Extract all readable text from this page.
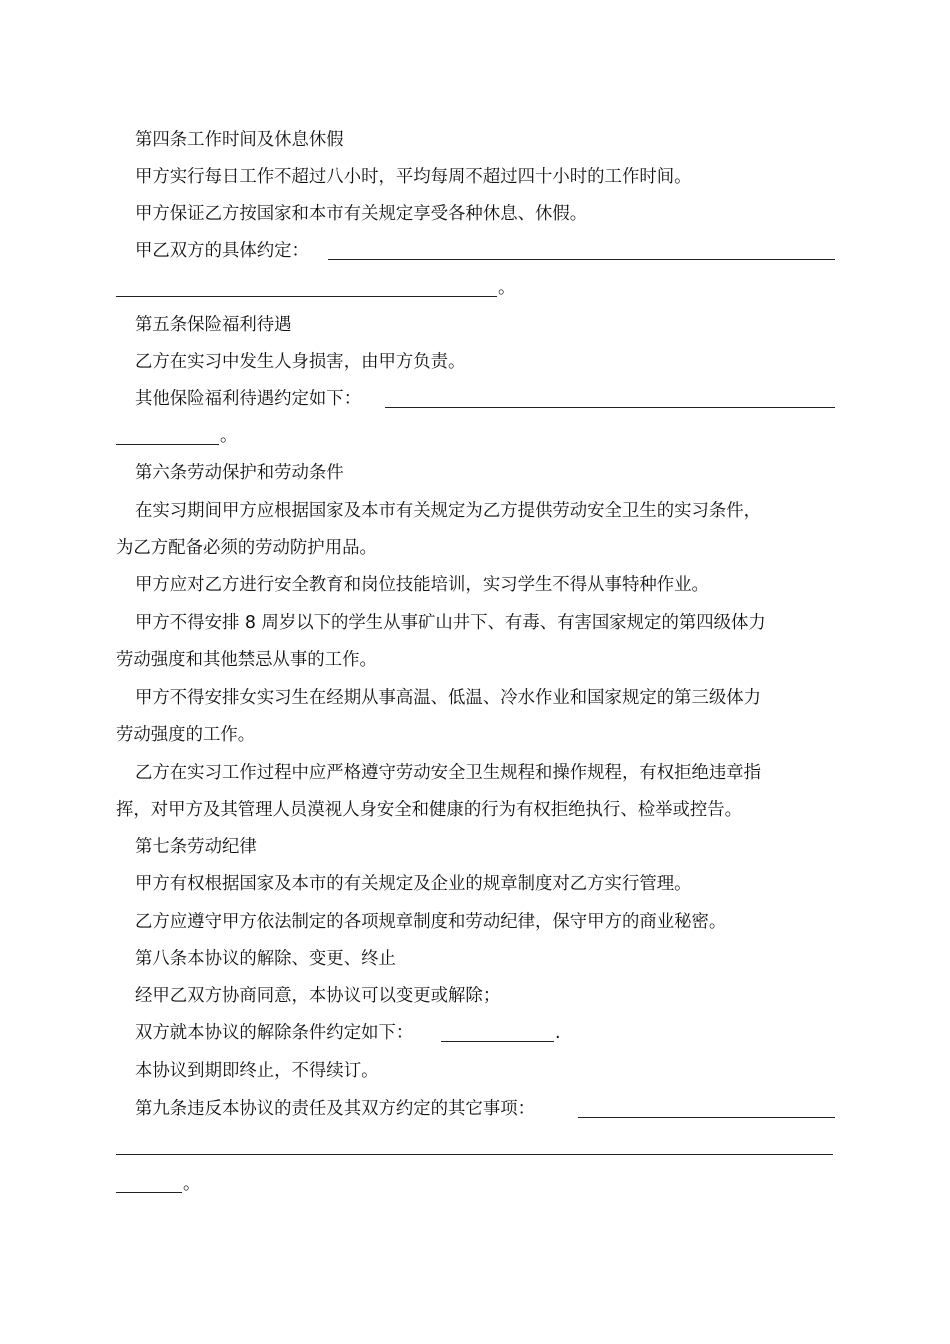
第四条工作时间及休息休假
甲方实行每日工作不超过八小时，平均每周不超过四十小时的工作时间。
甲方保证乙方按国家和本市有关规定享受各种休息、休假。
甲乙双方的具体约定：
。
第五条保险福利待遇
乙方在实习中发生人身损害，由甲方负责。
其他保险福利待遇约定如下：
。
第六条劳动保护和劳动条件
在实习期间甲方应根据国家及本市有关规定为乙方提供劳动安全卫生的实习条件，
为乙方配备必须的劳动防护用品。
甲方应对乙方进行安全教育和岗位技能培训，实习学生不得从事特种作业。
甲方不得安排 8 周岁以下的学生从事矿山井下、有毒、有害国家规定的第四级体力
劳动强度和其他禁忌从事的工作。
甲方不得安排女实习生在经期从事高温、低温、冷水作业和国家规定的第三级体力
劳动强度的工作。
乙方在实习工作过程中应严格遵守劳动安全卫生规程和操作规程，有权拒绝违章指
挥，对甲方及其管理人员漠视人身安全和健康的行为有权拒绝执行、检举或控告。
第七条劳动纪律
甲方有权根据国家及本市的有关规定及企业的规章制度对乙方实行管理。
乙方应遵守甲方依法制定的各项规章制度和劳动纪律，保守甲方的商业秘密。
第八条本协议的解除、变更、终止
经甲乙双方协商同意，本协议可以变更或解除；
双方就本协议的解除条件约定如下：	.
本协议到期即终止，不得续订。
第九条违反本协议的责任及其双方约定的其它事项：
。
